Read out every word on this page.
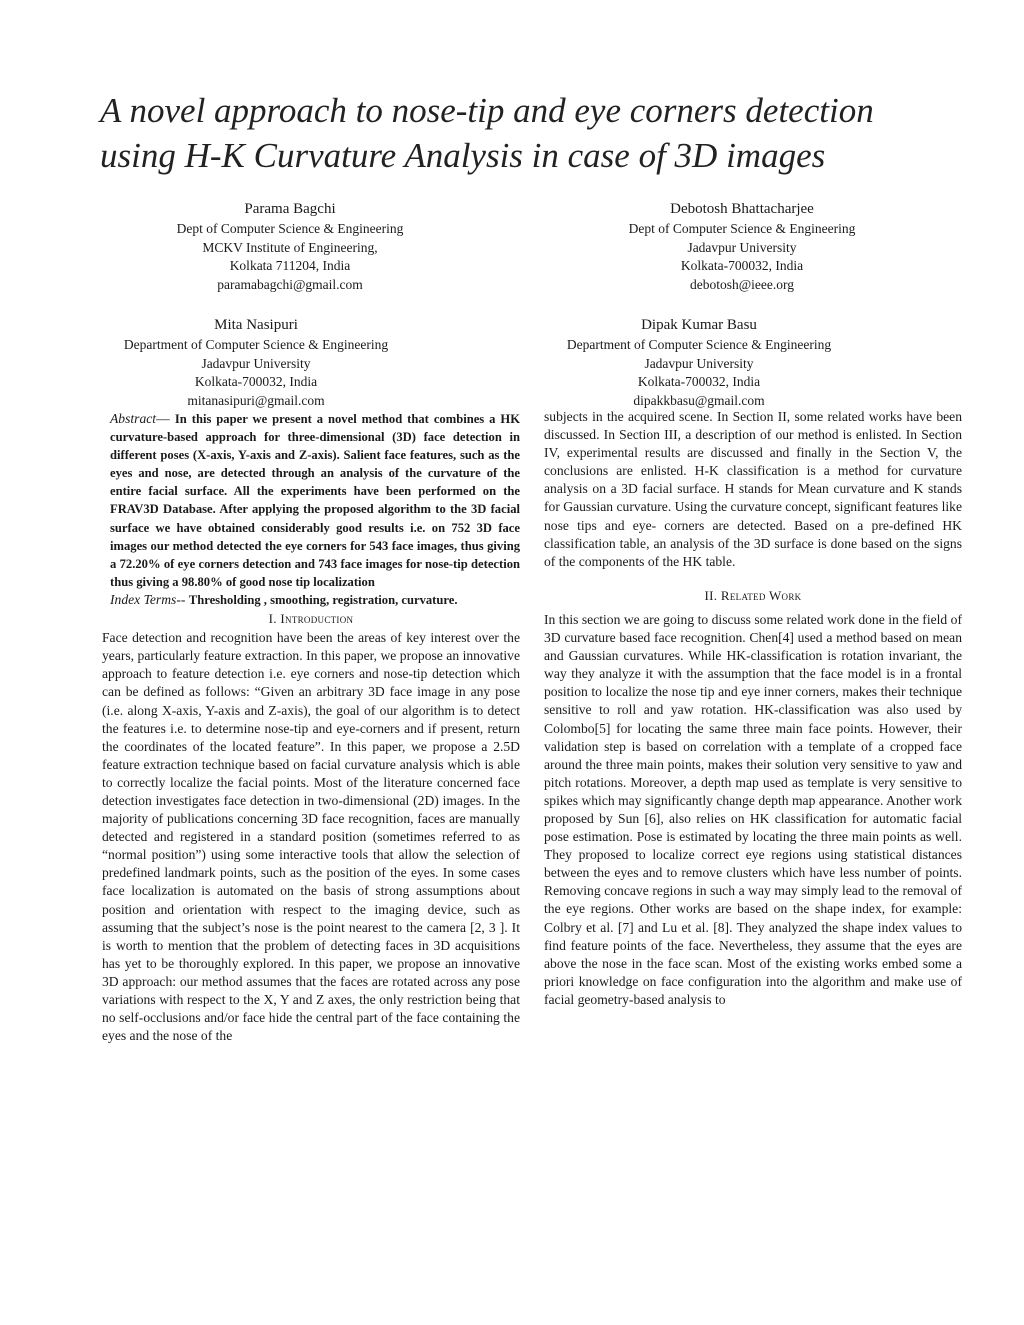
A novel approach to nose-tip and eye corners detection
using H-K Curvature Analysis in case of 3D images
Parama Bagchi
Dept of Computer Science & Engineering
MCKV Institute of Engineering,
Kolkata 711204, India
paramabagchi@gmail.com
Debotosh Bhattacharjee
Dept of Computer Science & Engineering
Jadavpur University
Kolkata-700032, India
debotosh@ieee.org
Mita Nasipuri
Department of Computer Science & Engineering
Jadavpur University
Kolkata-700032, India
mitanasipuri@gmail.com
Dipak Kumar Basu
Department of Computer Science & Engineering
Jadavpur University
Kolkata-700032, India
dipakkbasu@gmail.com

Abstract— In this paper we present a novel method that combines a HK curvature-based approach for three-dimensional (3D) face detection in different poses (X-axis, Y-axis and Z-axis). Salient face features, such as the eyes and nose, are detected through an analysis of the curvature of the entire facial surface. All the experiments have been performed on the FRAV3D Database. After applying the proposed algorithm to the 3D facial surface we have obtained considerably good results i.e. on 752 3D face images our method detected the eye corners for 543 face images, thus giving a 72.20% of eye corners detection and 743 face images for nose-tip detection thus giving a 98.80% of good nose tip localization

Index Terms-- Thresholding , smoothing, registration, curvature.

I. Introduction

Face detection and recognition have been the areas of key interest over the years, particularly feature extraction. In this paper, we propose an innovative approach to feature detection i.e. eye corners and nose-tip detection which can be defined as follows: “Given an arbitrary 3D face image in any pose (i.e. along X-axis, Y-axis and Z-axis), the goal of our algorithm is to detect the features i.e. to determine nose-tip and eye-corners and if present, return the coordinates of the located feature”. In this paper, we propose a 2.5D feature extraction technique based on facial curvature analysis which is able to correctly localize the facial points. Most of the literature concerned face detection investigates face detection in two-dimensional (2D) images. In the majority of publications concerning 3D face recognition, faces are manually detected and registered in a standard position (sometimes referred to as “normal position”) using some interactive tools that allow the selection of predefined landmark points, such as the position of the eyes. In some cases face localization is automated on the basis of strong assumptions about position and orientation with respect to the imaging device, such as assuming that the subject’s nose is the point nearest to the camera [2, 3 ]. It is worth to mention that the problem of detecting faces in 3D acquisitions has yet to be thoroughly explored. In this paper, we propose an innovative 3D approach: our method assumes that the faces are rotated across any pose variations with respect to the X, Y and Z axes, the only restriction being that no self-occlusions and/or face hide the central part of the face containing the eyes and the nose of the

subjects in the acquired scene. In Section II, some related works have been discussed. In Section III, a description of our method is enlisted. In Section IV, experimental results are discussed and finally in the Section V, the conclusions are enlisted. H-K classification is a method for curvature analysis on a 3D facial surface. H stands for Mean curvature and K stands for Gaussian curvature. Using the curvature concept, significant features like nose tips and eye- corners are detected. Based on a pre-defined HK classification table, an analysis of the 3D surface is done based on the signs of the components of the HK table.

II. Related Work

In this section we are going to discuss some related work done in the field of 3D curvature based face recognition. Chen[4] used a method based on mean and Gaussian curvatures. While HK-classification is rotation invariant, the way they analyze it with the assumption that the face model is in a frontal position to localize the nose tip and eye inner corners, makes their technique sensitive to roll and yaw rotation. HK-classification was also used by Colombo[5] for locating the same three main face points. However, their validation step is based on correlation with a template of a cropped face around the three main points, makes their solution very sensitive to yaw and pitch rotations. Moreover, a depth map used as template is very sensitive to spikes which may significantly change depth map appearance. Another work proposed by Sun [6], also relies on HK classification for automatic facial pose estimation. Pose is estimated by locating the three main points as well. They proposed to localize correct eye regions using statistical distances between the eyes and to remove clusters which have less number of points. Removing concave regions in such a way may simply lead to the removal of the eye regions. Other works are based on the shape index, for example: Colbry et al. [7] and Lu et al. [8]. They analyzed the shape index values to find feature points of the face. Nevertheless, they assume that the eyes are above the nose in the face scan. Most of the existing works embed some a priori knowledge on face configuration into the algorithm and make use of facial geometry-based analysis to
